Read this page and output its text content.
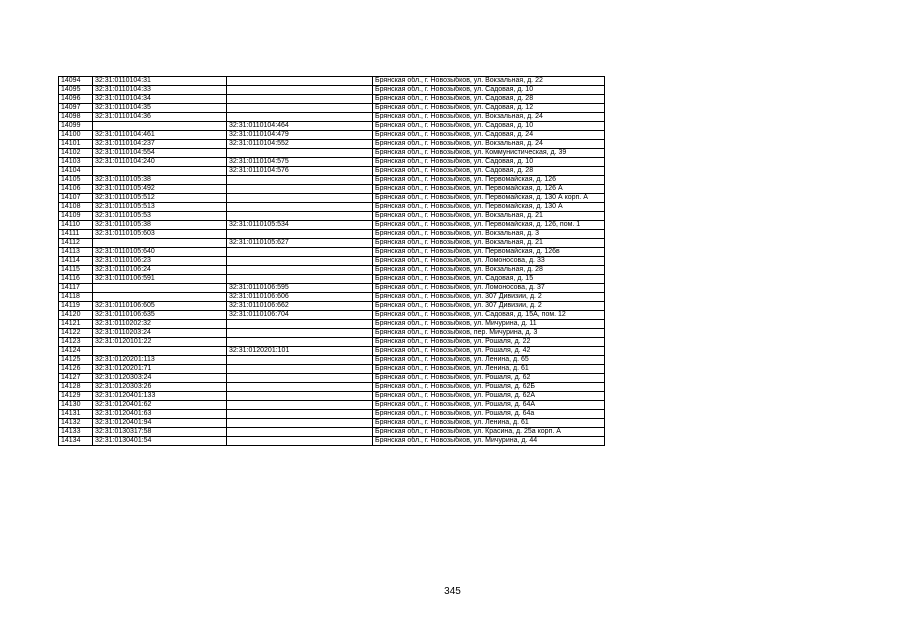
14094	32:31:0110104:31		Брянская обл., г. Новозыбков, ул. Вокзальная, д. 22
14095	32:31:0110104:33		Брянская обл., г. Новозыбков, ул. Садовая, д. 10
14096	32:31:0110104:34		Брянская обл., г. Новозыбков, ул. Садовая, д. 28
14097	32:31:0110104:35		Брянская обл., г. Новозыбков, ул. Садовая, д. 12
14098	32:31:0110104:36		Брянская обл., г. Новозыбков, ул. Вокзальная, д. 24
14099		32:31:0110104:464	Брянская обл., г. Новозыбков, ул. Садовая, д. 10
14100	32:31:0110104:461	32:31:0110104:479	Брянская обл., г. Новозыбков, ул. Садовая, д. 24
14101	32:31:0110104:237	32:31:0110104:552	Брянская обл., г. Новозыбков, ул. Вокзальная, д. 24
14102	32:31:0110104:554		Брянская обл., г. Новозыбков, ул. Коммунистическая, д. 39
14103	32:31:0110104:240	32:31:0110104:575	Брянская обл., г. Новозыбков, ул. Садовая, д. 10
14104		32:31:0110104:576	Брянская обл., г. Новозыбков, ул. Садовая, д. 28
14105	32:31:0110105:38		Брянская обл., г. Новозыбков, ул. Первомайская, д. 126
14106	32:31:0110105:492		Брянская обл., г. Новозыбков, ул. Первомайская, д. 126 А
14107	32:31:0110105:512		Брянская обл., г. Новозыбков, ул. Первомайская, д. 130 А корп. А
14108	32:31:0110105:513		Брянская обл., г. Новозыбков, ул. Первомайская, д. 130 А
14109	32:31:0110105:53		Брянская обл., г. Новозыбков, ул. Вокзальная, д. 21
14110	32:31:0110105:38	32:31:0110105:534	Брянская обл., г. Новозыбков, ул. Первомайская, д. 126, пом. 1
14111	32:31:0110105:603		Брянская обл., г. Новозыбков, ул. Вокзальная, д. 3
14112		32:31:0110105:627	Брянская обл., г. Новозыбков, ул. Вокзальная, д. 21
14113	32:31:0110105:640		Брянская обл., г. Новозыбков, ул. Первомайская, д. 126в
14114	32:31:0110106:23		Брянская обл., г. Новозыбков, ул. Ломоносова, д. 33
14115	32:31:0110106:24		Брянская обл., г. Новозыбков, ул. Вокзальная, д. 28
14116	32:31:0110106:591		Брянская обл., г. Новозыбков, ул. Садовая, д. 15
14117		32:31:0110106:595	Брянская обл., г. Новозыбков, ул. Ломоносова, д. 37
14118		32:31:0110106:606	Брянская обл., г. Новозыбков, ул. 307 Дивизии, д. 2
14119	32:31:0110106:605	32:31:0110106:662	Брянская обл., г. Новозыбков, ул. 307 Дивизии, д. 2
14120	32:31:0110106:635	32:31:0110106:704	Брянская обл., г. Новозыбков, ул. Садовая, д. 15А, пом. 12
14121	32:31:0110202:32		Брянская обл., г. Новозыбков, ул. Мичурина, д. 11
14122	32:31:0110203:24		Брянская обл., г. Новозыбков, пер. Мичурина, д. 3
14123	32:31:0120101:22		Брянская обл., г. Новозыбков, ул. Рошаля, д. 22
14124		32:31:0120201:101	Брянская обл., г. Новозыбков, ул. Рошаля, д. 42
14125	32:31:0120201:113		Брянская обл., г. Новозыбков, ул. Ленина, д. 65
14126	32:31:0120201:71		Брянская обл., г. Новозыбков, ул. Ленина, д. 61
14127	32:31:0120303:24		Брянская обл., г. Новозыбков, ул. Рошаля, д. 62
14128	32:31:0120303:26		Брянская обл., г. Новозыбков, ул. Рошаля, д. 62Б
14129	32:31:0120401:133		Брянская обл., г. Новозыбков, ул. Рошаля, д. 62А
14130	32:31:0120401:62		Брянская обл., г. Новозыбков, ул. Рошаля, д. 64А
14131	32:31:0120401:63		Брянская обл., г. Новозыбков, ул. Рошаля, д. 64а
14132	32:31:0120401:94		Брянская обл., г. Новозыбков, ул. Ленина, д. 61
14133	32:31:0130317:58		Брянская обл., г. Новозыбков, ул. Красина, д. 25а корп. А
14134	32:31:0130401:54		Брянская обл., г. Новозыбков, ул. Мичурина, д. 44
345
